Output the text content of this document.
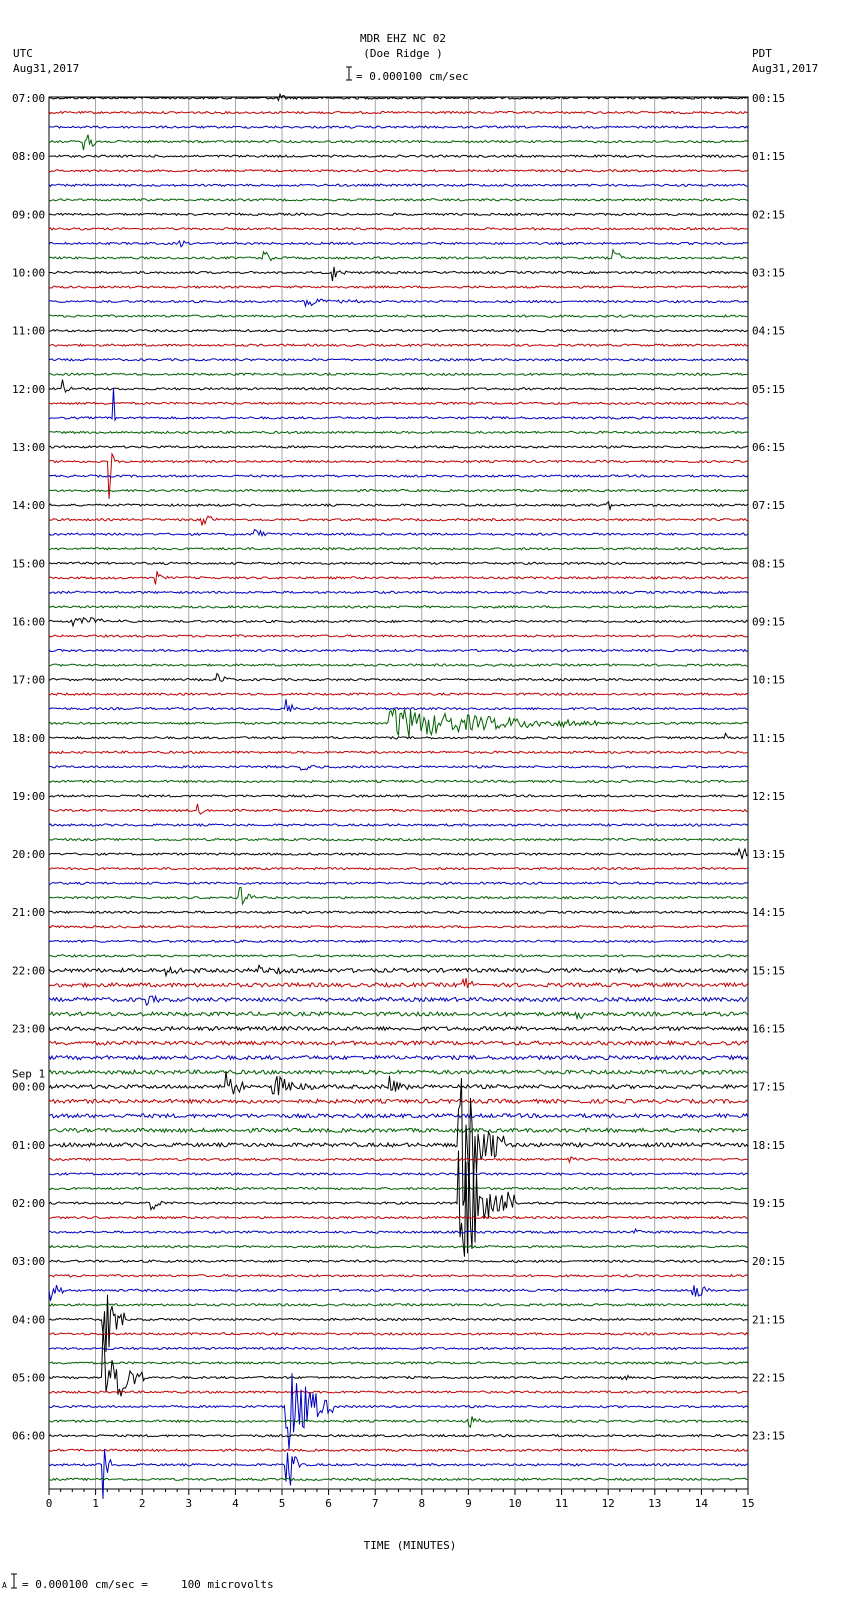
MDR EHZ NC 02
(Doe Ridge )
= 0.000100 cm/sec
UTC
Aug31,2017
PDT
Aug31,2017
07:00
08:00
09:00
10:00
11:00
12:00
13:00
14:00
15:00
16:00
17:00
18:00
19:00
20:00
21:00
22:00
23:00
00:00
Sep 1
01:00
02:00
03:00
04:00
05:00
06:00
00:15
01:15
02:15
03:15
04:15
05:15
06:15
07:15
08:15
09:15
10:15
11:15
12:15
13:15
14:15
15:15
16:15
17:15
18:15
19:15
20:15
21:15
22:15
23:15
0	1	2	3	4	5	6	7	8	9	10	11	12	13	14	15
TIME (MINUTES)
A = 0.000100 cm/sec =     100 microvolts
